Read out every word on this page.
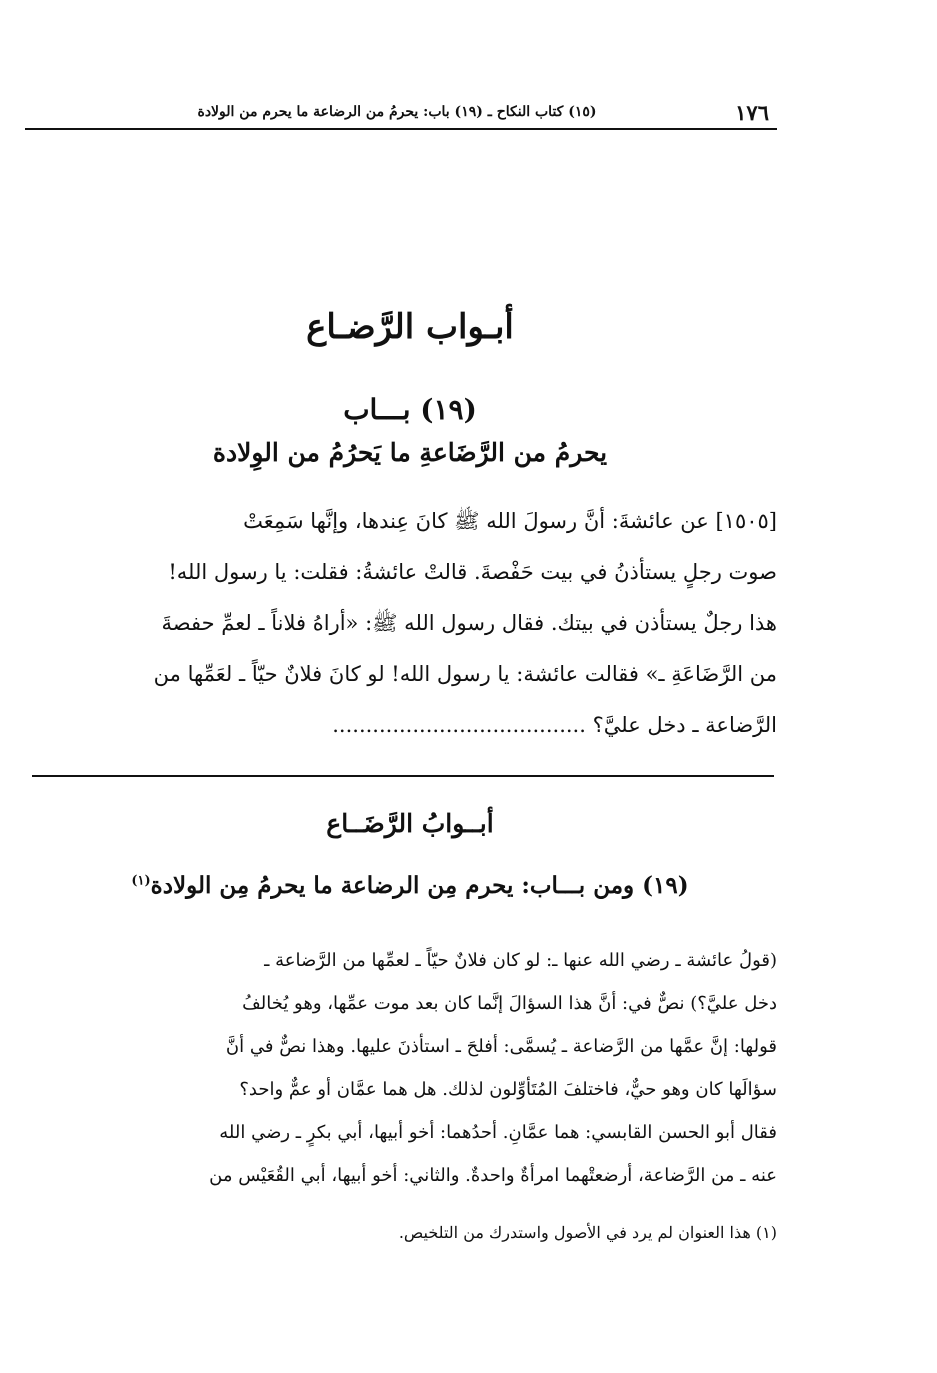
١٧٦
(١٥) كتاب النكاح ـ (١٩) باب: يحرمُ من الرضاعة ما يحرم من الولادة
أبـواب الرَّضـاع
(١٩) بـــاب
يحرمُ من الرَّضَاعةِ ما يَحرُمُ من الوِلادة
[١٥٠٥] عن عائشةَ: أنَّ رسولَ الله ﷺ كانَ عِندها، وإنَّها سَمِعَتْ
صوت رجلٍ يستأذنُ في بيت حَفْصةَ. قالتْ عائشةُ: فقلت: يا رسول الله!
هذا رجلٌ يستأذن في بيتك. فقال رسول الله ﷺ: «أراهُ فلاناً ـ لعمِّ حفصةَ
من الرَّضَاعَةِ ـ» فقالت عائشة: يا رسول الله! لو كانَ فلانٌ حيّاً ـ لعَمِّها من
الرَّضاعة ـ دخل عليَّ؟ ......................................
أبــوابُ الرَّضَــاع
(١٩) ومن بـــاب: يحرم مِن الرضاعة ما يحرمُ مِن الولادة$^{(١)}$
(قولُ عائشة ـ رضي الله عنها ـ: لو كان فلانٌ حيّاً ـ لعمِّها من الرَّضاعة ـ
دخل عليَّ؟) نصٌّ في: أنَّ هذا السؤالَ إنَّما كان بعد موت عمِّها، وهو يُخالفُ
قولها: إنَّ عمَّها من الرَّضاعة ـ يُسمَّى: أفلحَ ـ استأذنَ عليها. وهذا نصٌّ في أنَّ
سؤالَها كان وهو حيٌّ، فاختلفَ المُتَأوِّلون لذلك. هل هما عمَّان أو عمٌّ واحد؟
فقال أبو الحسن القابسي: هما عمَّانِ. أحدُهما: أخو أبيها، أبي بكرٍ ـ رضي الله
عنه ـ من الرَّضاعة، أرضعتْهما امرأةٌ واحدةٌ. والثاني: أخو أبيها، أبي القُعَيْس من
(١) هذا العنوان لم يرد في الأصول واستدرك من التلخيص.
